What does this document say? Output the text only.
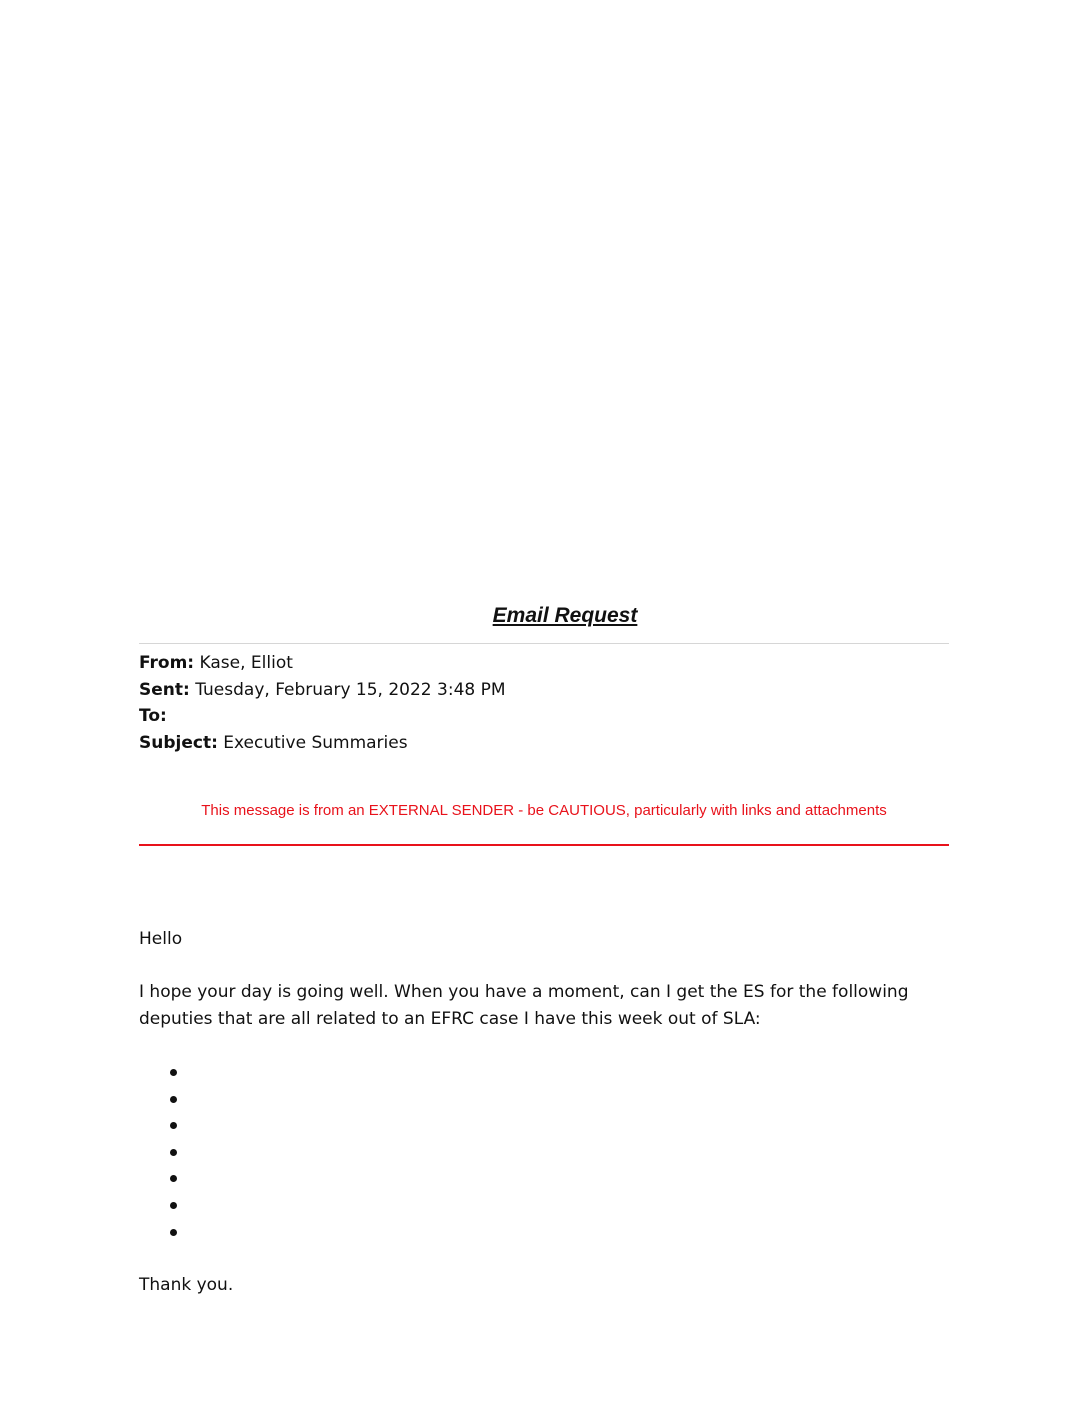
Email Request
From: Kase, Elliot
Sent: Tuesday, February 15, 2022 3:48 PM
To:
Subject: Executive Summaries
This message is from an EXTERNAL SENDER - be CAUTIOUS, particularly with links and attachments

Hello

I hope your day is going well. When you have a moment, can I get the ES for the following deputies that are all related to an EFRC case I have this week out of SLA:

Thank you.
